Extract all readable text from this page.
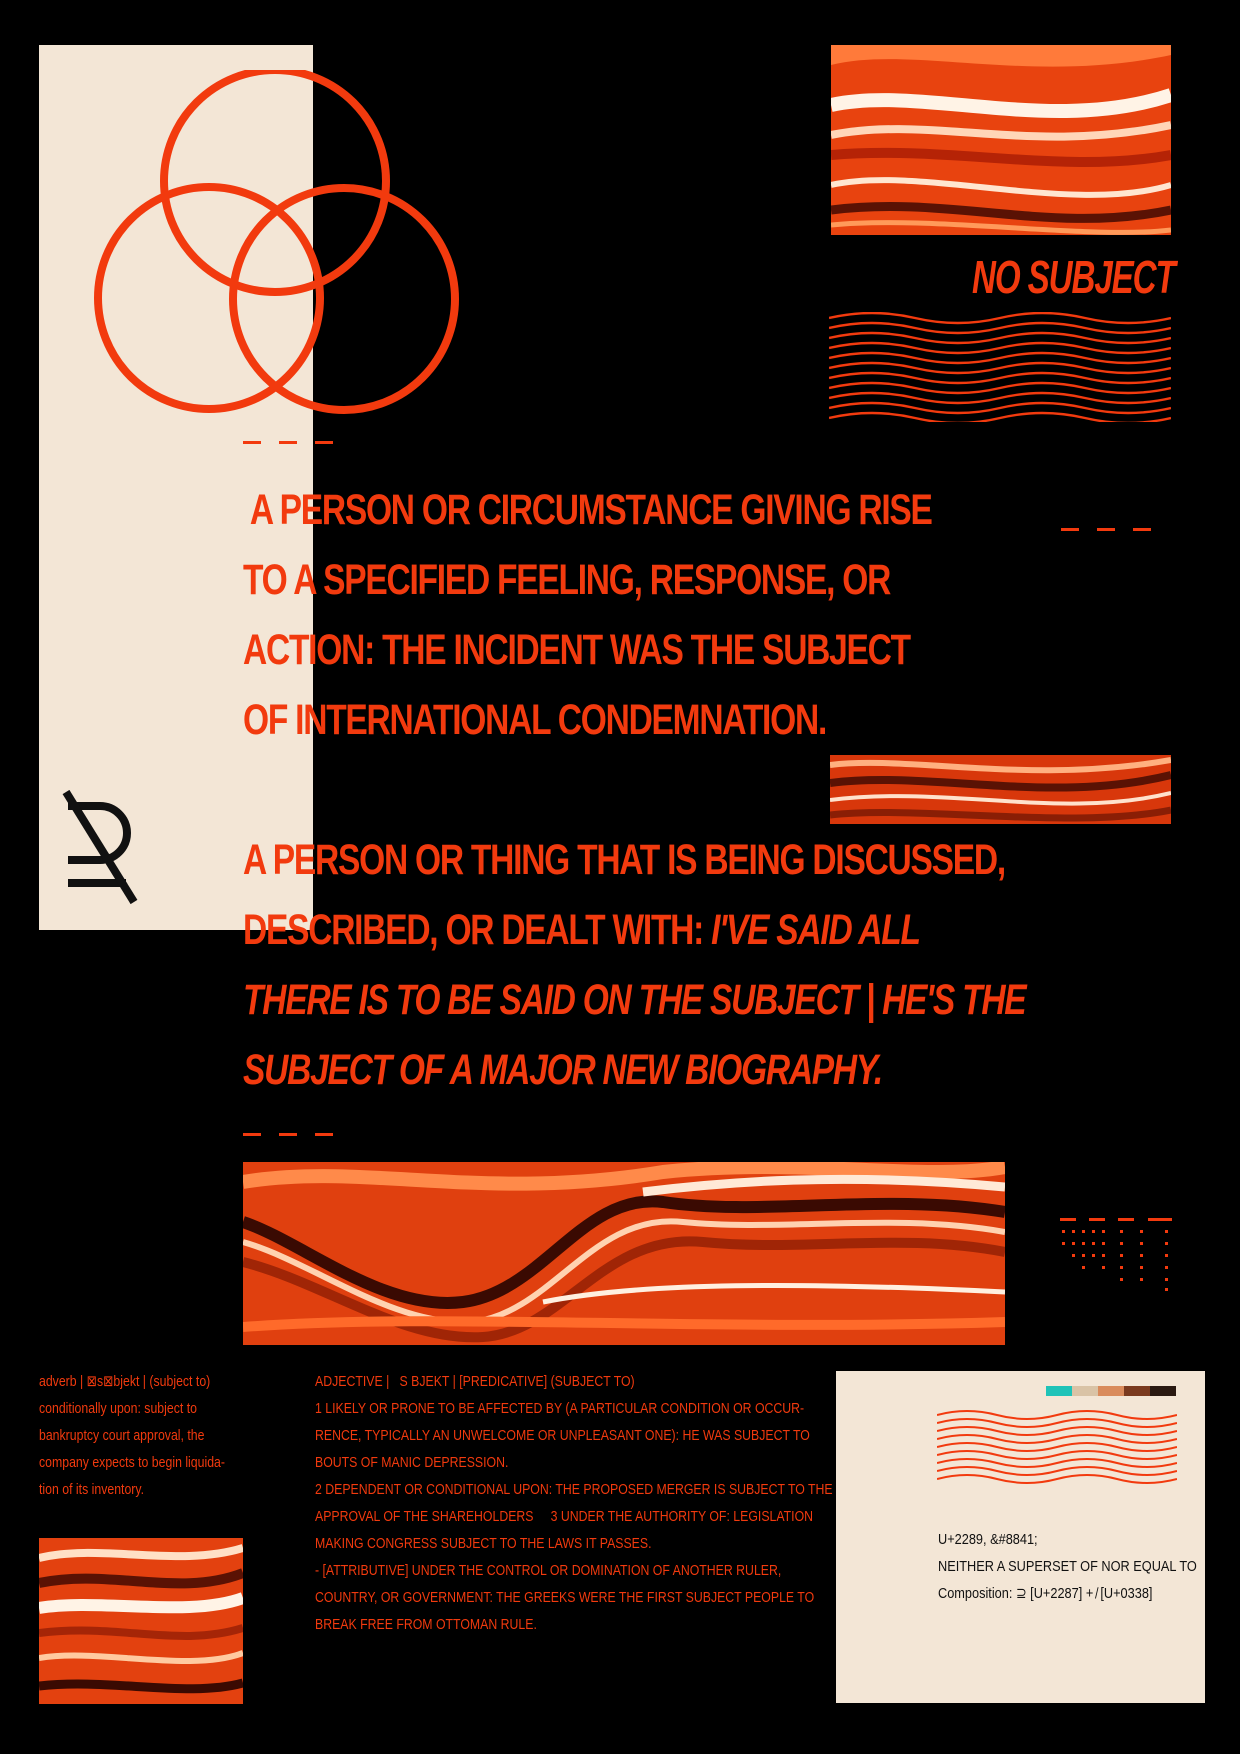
NO SUBJECT
A PERSON OR CIRCUMSTANCE GIVING RISE
TO A SPECIFIED FEELING, RESPONSE, OR
ACTION: THE INCIDENT WAS THE SUBJECT
OF INTERNATIONAL CONDEMNATION.
A PERSON OR THING THAT IS BEING DISCUSSED,
DESCRIBED, OR DEALT WITH: I'VE SAID ALL
THERE IS TO BE SAID ON THE SUBJECT | HE'S THE
SUBJECT OF A MAJOR NEW BIOGRAPHY.
adverb | ⊠s⊠bjekt | (subject to)
conditionally upon: subject to
bankruptcy court approval, the
company expects to begin liquida-
tion of its inventory.
ADJECTIVE |   S BJEKT | [PREDICATIVE] (SUBJECT TO)
1 LIKELY OR PRONE TO BE AFFECTED BY (A PARTICULAR CONDITION OR OCCUR-
RENCE, TYPICALLY AN UNWELCOME OR UNPLEASANT ONE): HE WAS SUBJECT TO
BOUTS OF MANIC DEPRESSION.
2 DEPENDENT OR CONDITIONAL UPON: THE PROPOSED MERGER IS SUBJECT TO THE
APPROVAL OF THE SHAREHOLDERS     3 UNDER THE AUTHORITY OF: LEGISLATION
MAKING CONGRESS SUBJECT TO THE LAWS IT PASSES.
- [ATTRIBUTIVE] UNDER THE CONTROL OR DOMINATION OF ANOTHER RULER,
COUNTRY, OR GOVERNMENT: THE GREEKS WERE THE FIRST SUBJECT PEOPLE TO
BREAK FREE FROM OTTOMAN RULE.
U+2289, &#8841;
NEITHER A SUPERSET OF NOR EQUAL TO
Composition: ⊇ [U+2287] + ̸ [U+0338]
